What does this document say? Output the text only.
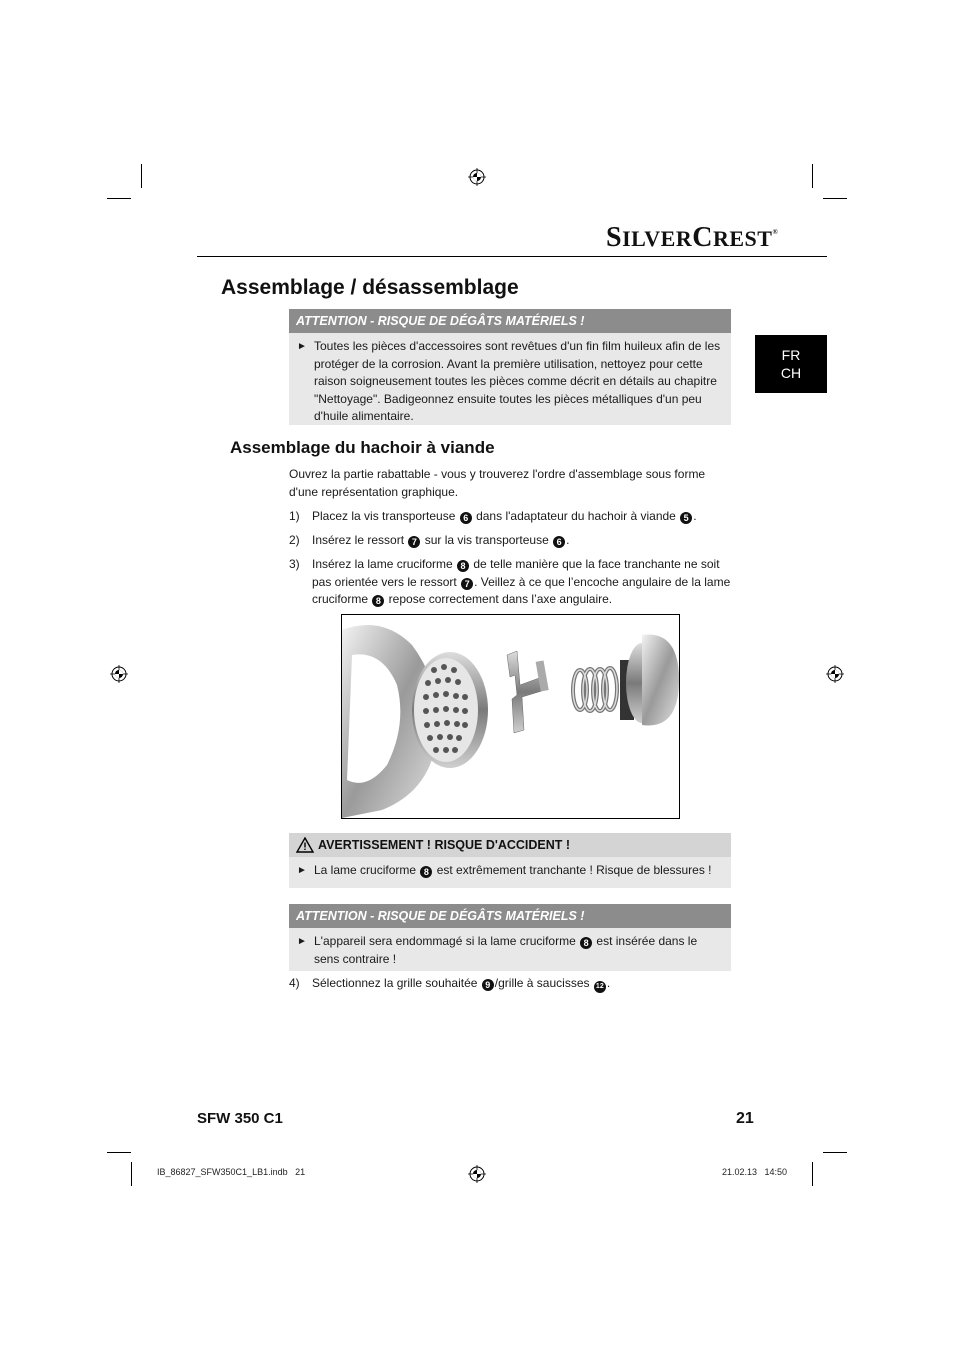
SILVERCREST®
Assemblage / désassemblage
FR
CH
ATTENTION - RISQUE DE DÉGÂTS MATÉRIELS !
► Toutes les pièces d'accessoires sont revêtues d'un fin film huileux afin de les protéger de la corrosion. Avant la première utilisation, nettoyez pour cette raison soigneusement toutes les pièces comme décrit en détails au chapitre "Nettoyage". Badigeonnez ensuite toutes les pièces métalliques d'un peu d'huile alimentaire.
Assemblage du hachoir à viande
Ouvrez la partie rabattable - vous y trouverez l'ordre d'assemblage sous forme d'une représentation graphique.
1)	Placez la vis transporteuse 6 dans l'adaptateur du hachoir à viande 5 .
2)	Insérez le ressort 7 sur la vis transporteuse 6 .
3)	Insérez la lame cruciforme 8 de telle manière que la face tranchante ne soit pas orientée vers le ressort 7 . Veillez à ce que l’encoche angulaire de la lame cruciforme 8 repose correctement dans l’axe angulaire.
AVERTISSEMENT ! RISQUE D'ACCIDENT !
► La lame cruciforme 8 est extrêmement tranchante ! Risque de blessures !
ATTENTION - RISQUE DE DÉGÂTS MATÉRIELS !
► L'appareil sera endommagé si la lame cruciforme 8 est insérée dans le sens contraire !
4)	Sélectionnez la grille souhaitée 9 /grille à saucisses 12 .
SFW 350 C1	21
IB_86827_SFW350C1_LB1.indb   21	21.02.13   14:50
